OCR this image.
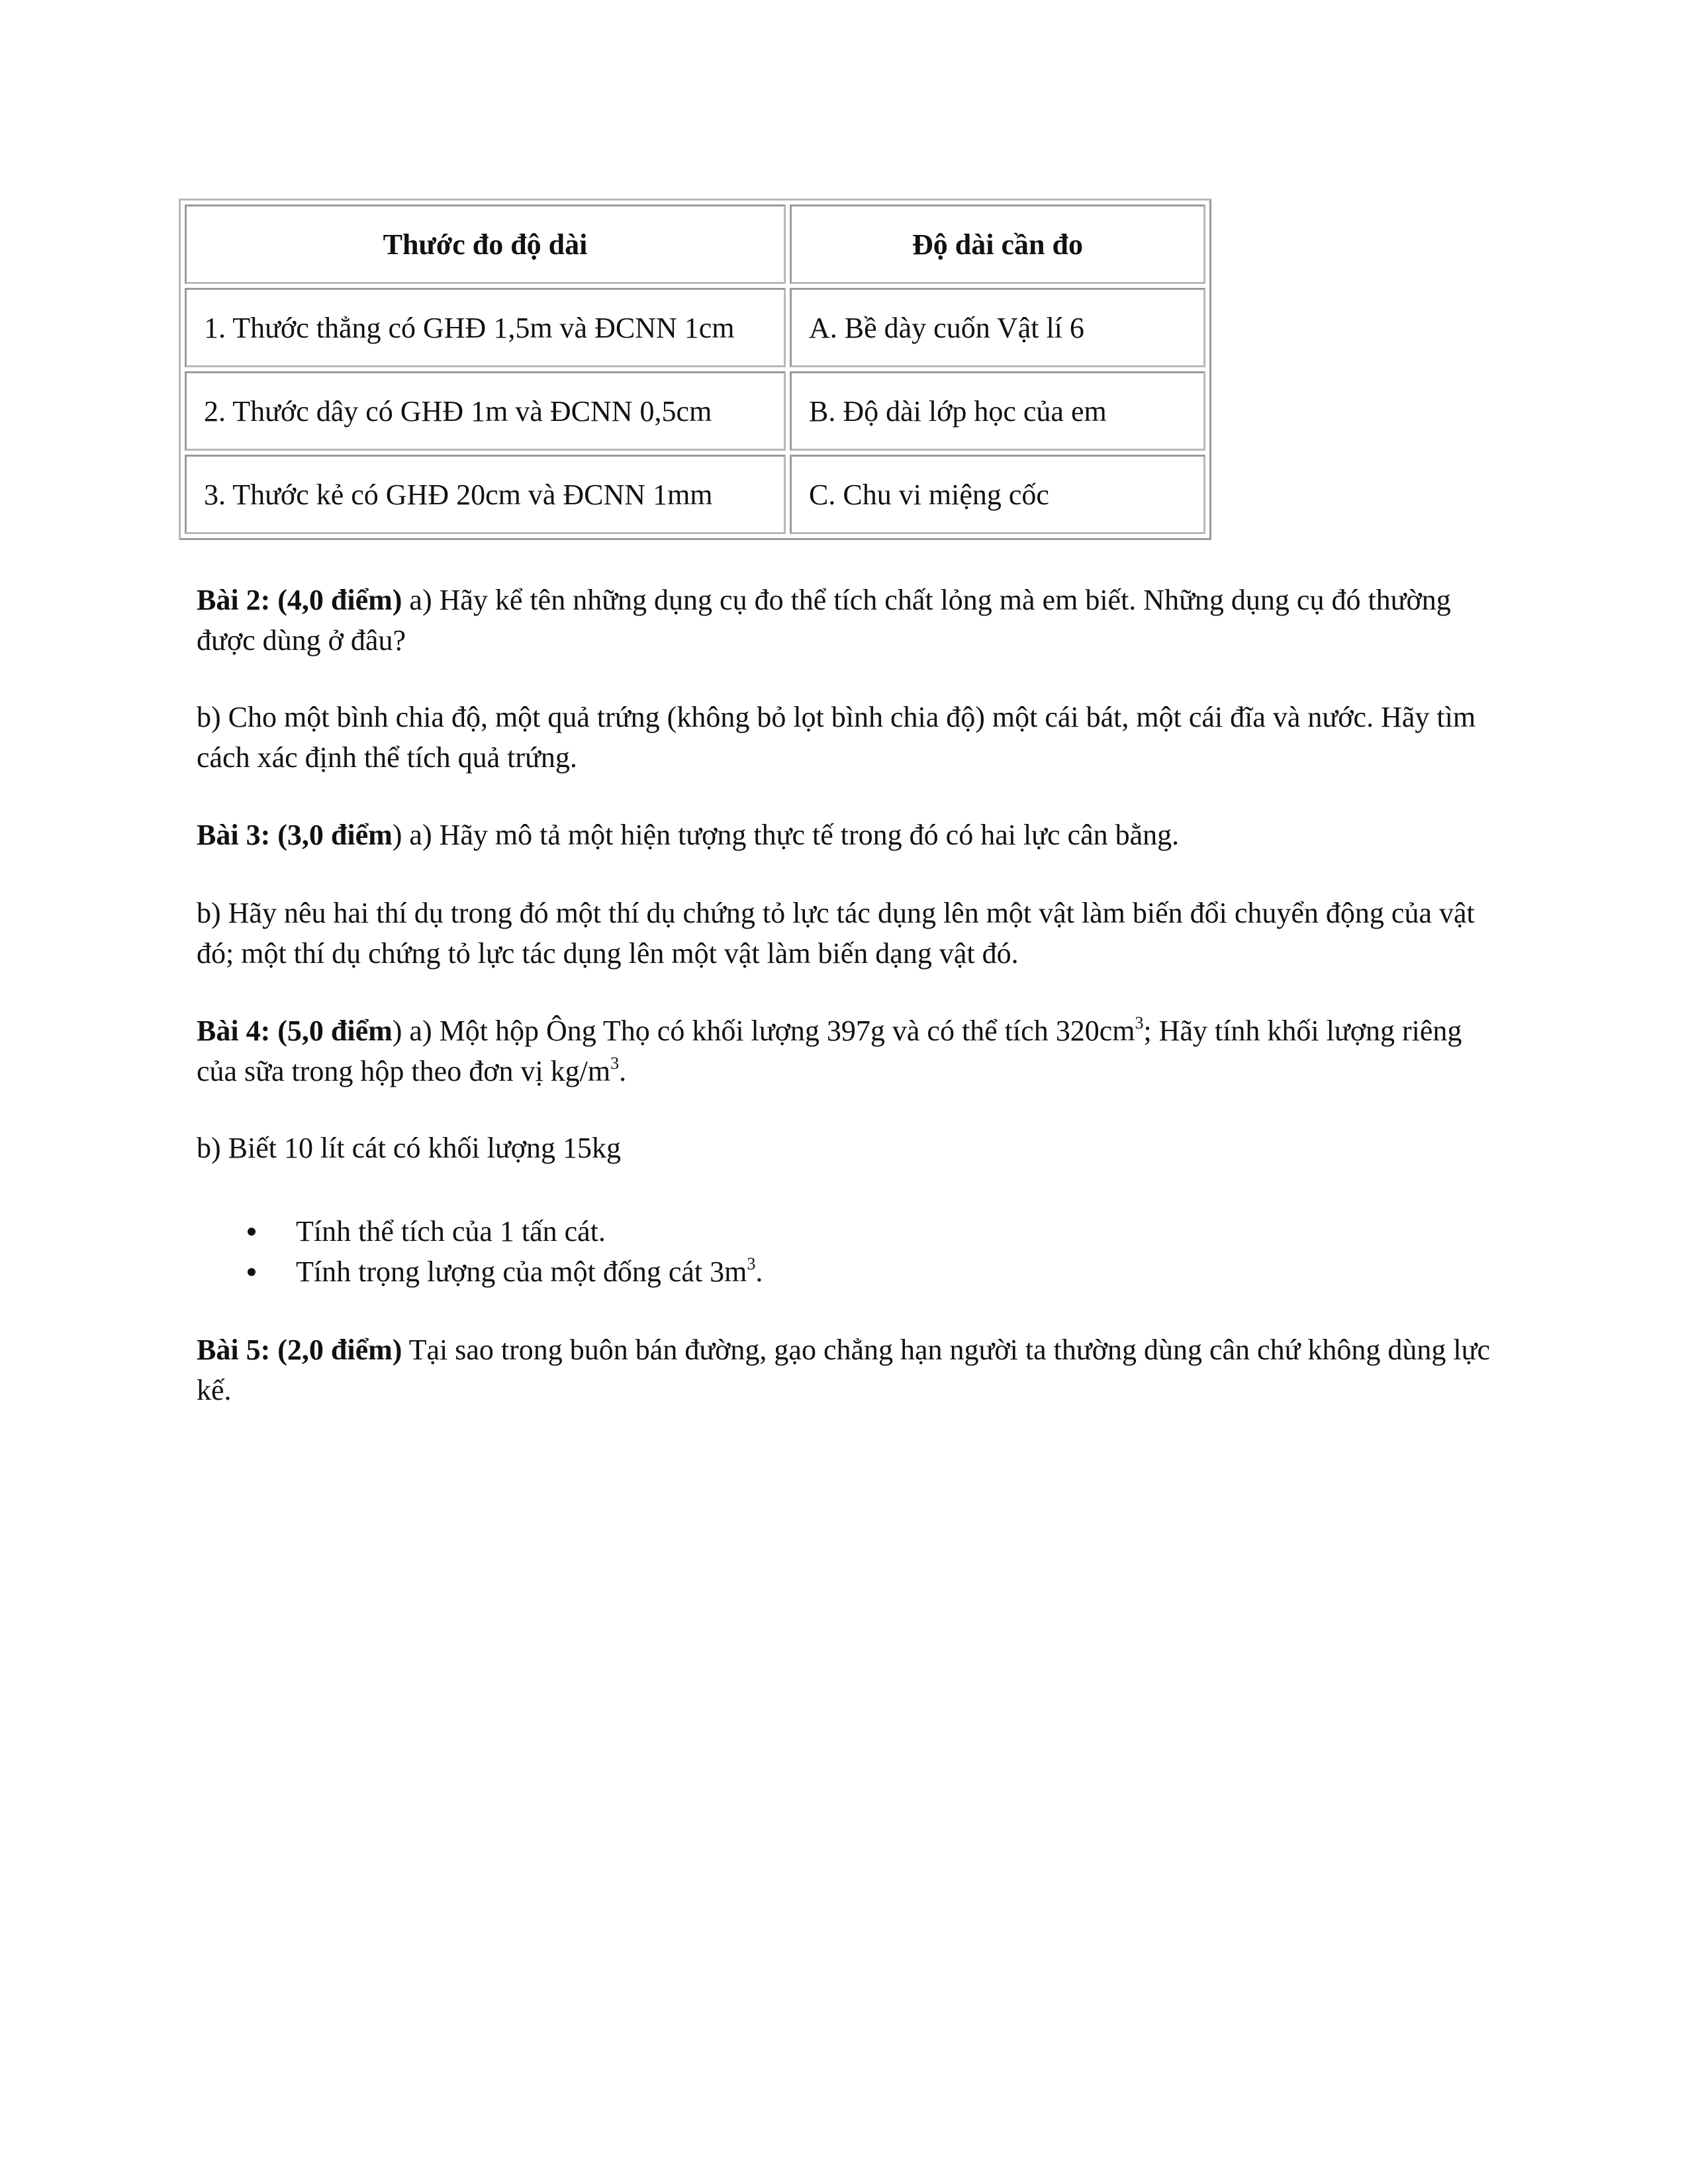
Thước đo độ dài	Độ dài cần đo
1. Thước thẳng có GHĐ 1,5m và ĐCNN 1cm	A. Bề dày cuốn Vật lí 6
2. Thước dây có GHĐ 1m và ĐCNN 0,5cm	B. Độ dài lớp học của em
3. Thước kẻ có GHĐ 20cm và ĐCNN 1mm	C. Chu vi miệng cốc

Bài 2: (4,0 điểm) a) Hãy kể tên những dụng cụ đo thể tích chất lỏng mà em biết. Những dụng cụ đó thường được dùng ở đâu?

b) Cho một bình chia độ, một quả trứng (không bỏ lọt bình chia độ) một cái bát, một cái đĩa và nước. Hãy tìm cách xác định thể tích quả trứng.

Bài 3: (3,0 điểm) a) Hãy mô tả một hiện tượng thực tế trong đó có hai lực cân bằng.

b) Hãy nêu hai thí dụ trong đó một thí dụ chứng tỏ lực tác dụng lên một vật làm biến đổi chuyển động của vật đó; một thí dụ chứng tỏ lực tác dụng lên một vật làm biến dạng vật đó.

Bài 4: (5,0 điểm) a) Một hộp Ông Thọ có khối lượng 397g và có thể tích $320cm^3$; Hãy tính khối lượng riêng của sữa trong hộp theo đơn vị $kg/m^3$.

b) Biết 10 lít cát có khối lượng 15kg

Tính thể tích của 1 tấn cát.
Tính trọng lượng của một đống cát $3m^3$.

Bài 5: (2,0 điểm) Tại sao trong buôn bán đường, gạo chẳng hạn người ta thường dùng cân chứ không dùng lực kế.
